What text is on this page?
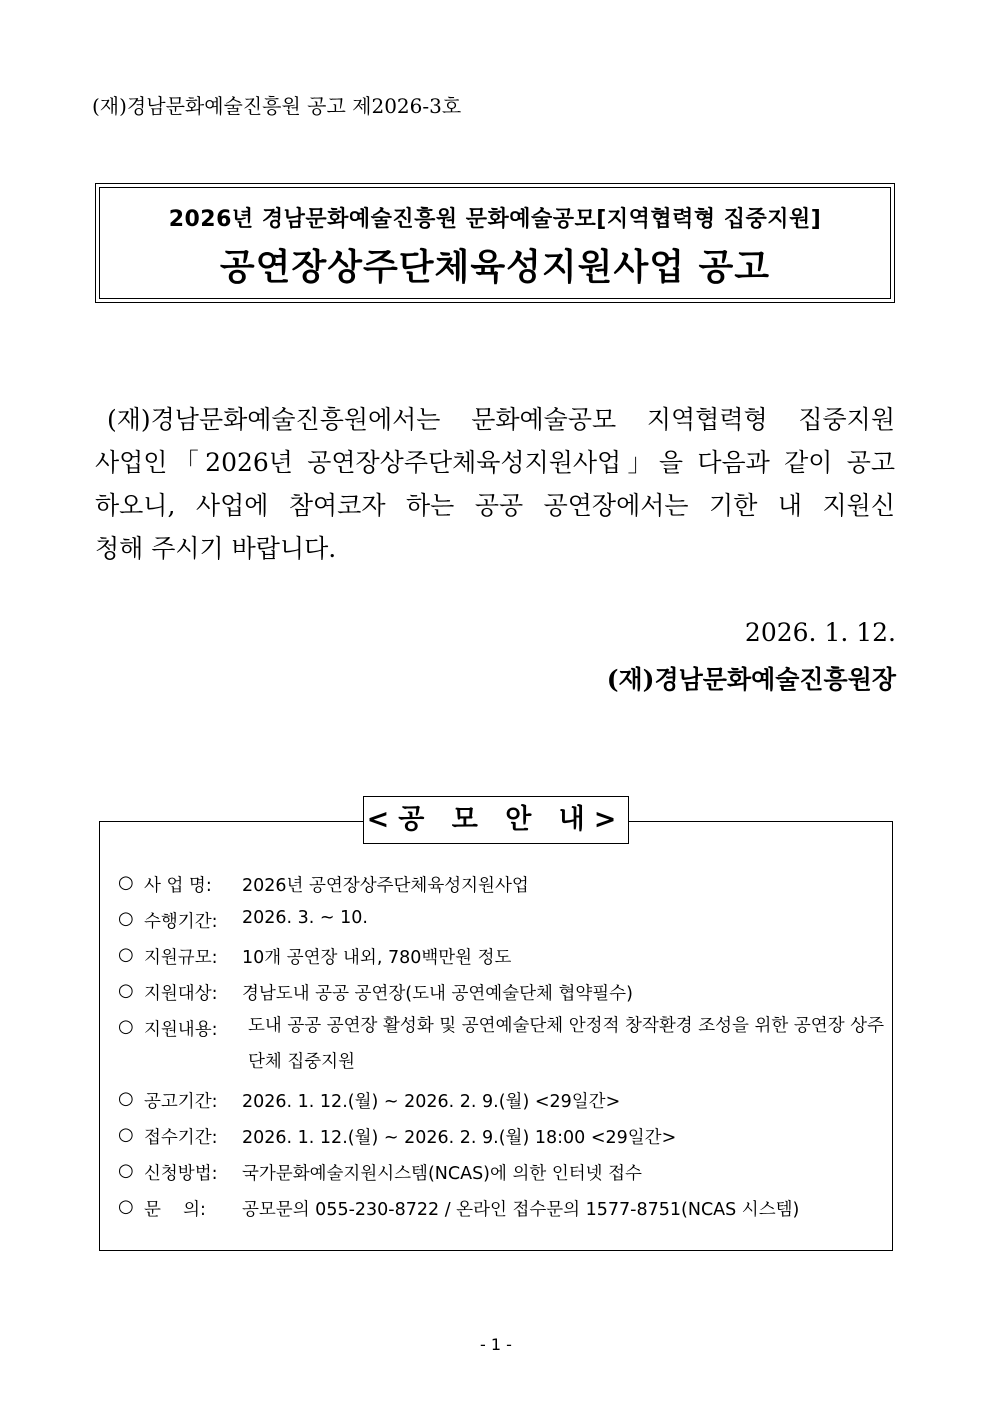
(재)경남문화예술진흥원 공고 제2026-3호
2026년 경남문화예술진흥원 문화예술공모[지역협력형 집중지원]
공연장상주단체육성지원사업 공고
(재)경남문화예술진흥원에서는 문화예술공모 지역협력형 집중지원
사업인「2026년 공연장상주단체육성지원사업」을 다음과 같이 공고
하오니, 사업에 참여코자 하는 공공 공연장에서는 기한 내 지원신
청해 주시기 바랍니다.
2026. 1. 12.
(재)경남문화예술진흥원장
<공 모 안 내>
○ 사 업 명:	2026년 공연장상주단체육성지원사업
○ 수행기간:	2026. 3. ~ 10.
○ 지원규모:	10개 공연장 내외, 780백만원 정도
○ 지원대상:	경남도내 공공 공연장(도내 공연예술단체 협약필수)
○ 지원내용:	도내 공공 공연장 활성화 및 공연예술단체 안정적 창작환경 조성을 위한 공연장 상주단체 집중지원
○ 공고기간:	2026. 1. 12.(월) ~ 2026. 2. 9.(월) <29일간>
○ 접수기간:	2026. 1. 12.(월) ~ 2026. 2. 9.(월) 18:00 <29일간>
○ 신청방법:	국가문화예술지원시스템(NCAS)에 의한 인터넷 접수
○ 문    의:	공모문의 055-230-8722 / 온라인 접수문의 1577-8751(NCAS 시스템)
- 1 -
